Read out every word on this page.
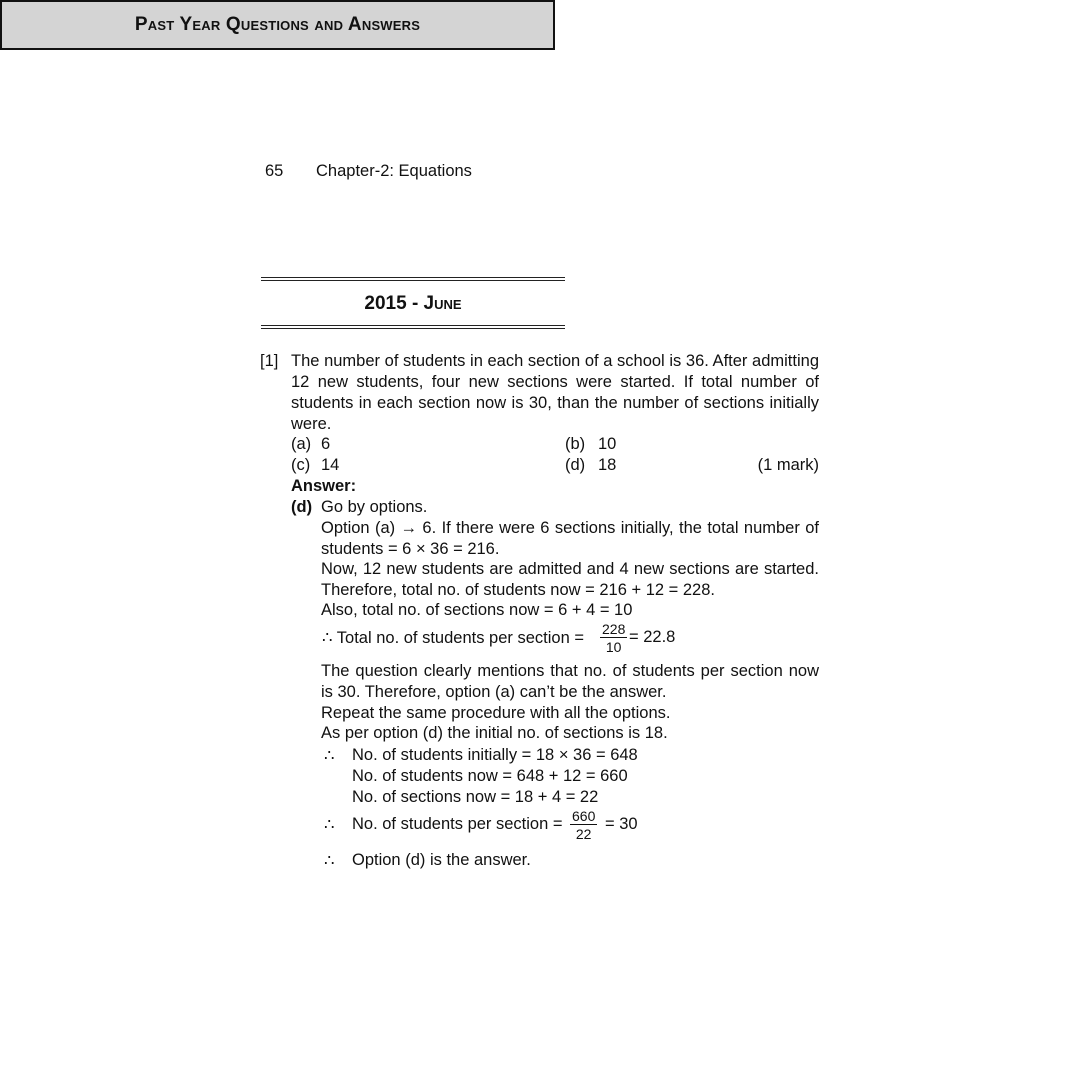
65 Chapter-2: Equations
Past Year Questions and Answers
2015 - June
[1] The number of students in each section of a school is 36. After admitting
12 new students, four new sections were started. If total number of
students in each section now is 30, than the number of sections initially
were.
(a) 6	(b) 10
(c) 14	(d) 18	(1 mark)
Answer:
(d) Go by options.
Option (a) → 6. If there were 6 sections initially, the total number of
students = 6 × 36 = 216.
Now, 12 new students are admitted and 4 new sections are started.
Therefore, total no. of students now = 216 + 12 = 228.
Also, total no. of sections now = 6 + 4 = 10
∴ Total no. of students per section = $\frac{228}{10} = 22.8$
The question clearly mentions that no. of students per section now
is 30. Therefore, option (a) can’t be the answer.
Repeat the same procedure with all the options.
As per option (d) the initial no. of sections is 18.
∴ No. of students initially = 18 × 36 = 648
No. of students now = 648 + 12 = 660
No. of sections now = 18 + 4 = 22
∴ No. of students per section = $\frac{660}{22} = 30$
∴ Option (d) is the answer.
